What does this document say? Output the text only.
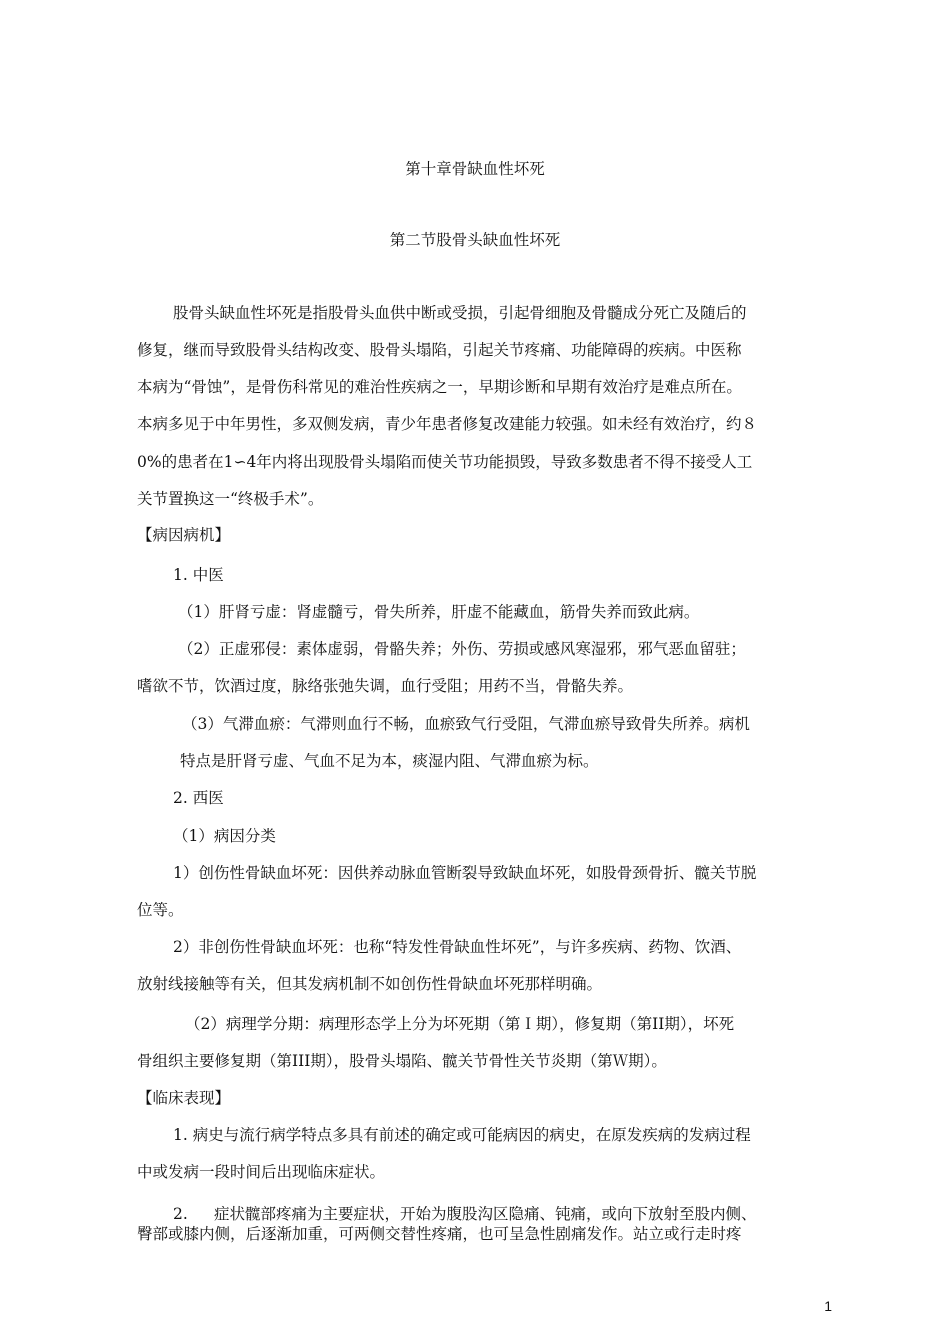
第十章骨缺血性坏死
第二节股骨头缺血性坏死
股骨头缺血性坏死是指股骨头血供中断或受损，引起骨细胞及骨髓成分死亡及随后的
修复，继而导致股骨头结构改变、股骨头塌陷，引起关节疼痛、功能障碍的疾病。中医称
本病为“骨蚀”，是骨伤科常见的难治性疾病之一，早期诊断和早期有效治疗是难点所在。
本病多见于中年男性，多双侧发病，青少年患者修复改建能力较强。如未经有效治疗，约８
0%的患者在1∽4年内将出现股骨头塌陷而使关节功能损毁，导致多数患者不得不接受人工
关节置换这一“终极手术”。
【病因病机】
1. 中医
（1）肝肾亏虚：肾虚髓亏，骨失所养，肝虚不能藏血，筋骨失养而致此病。
（2）正虚邪侵：素体虚弱，骨骼失养；外伤、劳损或感风寒湿邪，邪气恶血留驻；
嗜欲不节，饮酒过度，脉络张弛失调，血行受阻；用药不当，骨骼失养。
（3）气滞血瘀：气滞则血行不畅，血瘀致气行受阻，气滞血瘀导致骨失所养。病机
特点是肝肾亏虚、气血不足为本，痰湿内阻、气滞血瘀为标。
2. 西医
（1）病因分类
1）创伤性骨缺血坏死：因供养动脉血管断裂导致缺血坏死，如股骨颈骨折、髋关节脱
位等。
2）非创伤性骨缺血坏死：也称“特发性骨缺血性坏死”，与许多疾病、药物、饮酒、
放射线接触等有关，但其发病机制不如创伤性骨缺血坏死那样明确。
（2）病理学分期：病理形态学上分为坏死期（第Ｉ期），修复期（第II期），坏死
骨组织主要修复期（第III期），股骨头塌陷、髋关节骨性关节炎期（第Ｗ期）。
【临床表现】
1. 病史与流行病学特点多具有前述的确定或可能病因的病史，在原发疾病的发病过程
中或发病一段时间后出现临床症状。
2. 症状髋部疼痛为主要症状，开始为腹股沟区隐痛、钝痛，或向下放射至股内侧、
臀部或膝内侧，后逐渐加重，可两侧交替性疼痛，也可呈急性剧痛发作。站立或行走时疼
1
